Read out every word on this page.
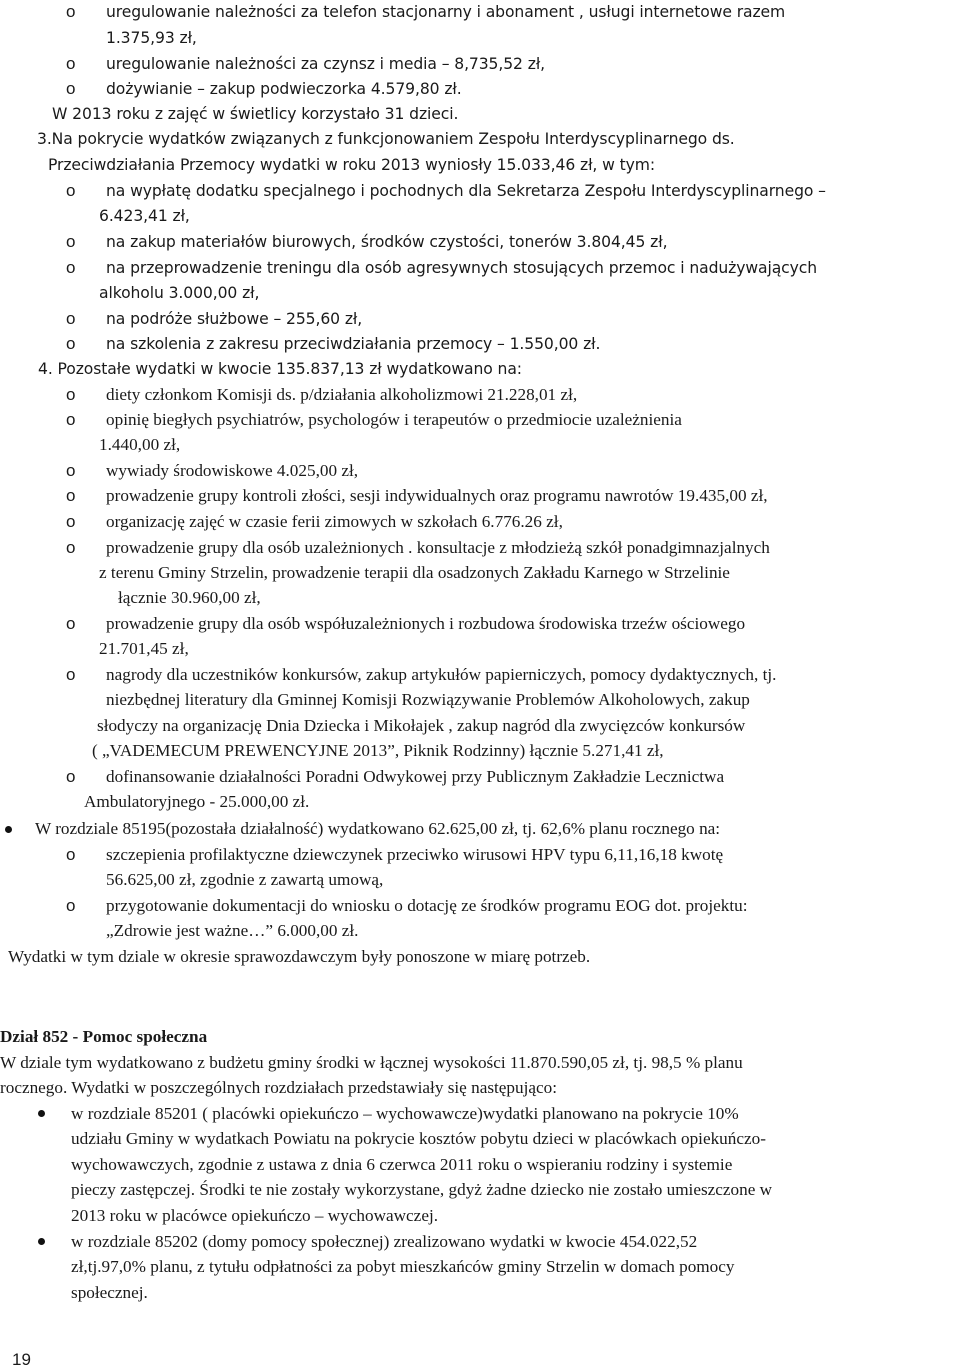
o uregulowanie należności za telefon stacjonarny i abonament , usługi internetowe razem
1.375,93 zł,
o uregulowanie należności za czynsz i media – 8,735,52 zł,
o dożywianie – zakup podwieczorka 4.579,80 zł.
W 2013 roku z zajęć w świetlicy korzystało 31 dzieci.
3.Na pokrycie wydatków związanych z funkcjonowaniem Zespołu Interdyscyplinarnego ds.
Przeciwdziałania Przemocy wydatki w roku 2013 wyniosły 15.033,46 zł, w tym:
o na wypłatę dodatku specjalnego i pochodnych dla Sekretarza Zespołu Interdyscyplinarnego –
6.423,41 zł,
o na zakup materiałów biurowych, środków czystości, tonerów 3.804,45 zł,
o na przeprowadzenie treningu dla osób agresywnych stosujących przemoc i nadużywających
alkoholu 3.000,00 zł,
o na podróże służbowe – 255,60 zł,
o na szkolenia z zakresu przeciwdziałania przemocy – 1.550,00 zł.
4. Pozostałe wydatki w kwocie 135.837,13 zł wydatkowano na:
o diety członkom Komisji ds. p/działania alkoholizmowi 21.228,01 zł,
o opinię biegłych psychiatrów, psychologów i terapeutów o przedmiocie uzależnienia
1.440,00 zł,
o wywiady środowiskowe 4.025,00 zł,
o prowadzenie grupy kontroli złości, sesji indywidualnych oraz programu nawrotów 19.435,00 zł,
o organizację zajęć w czasie ferii zimowych w szkołach 6.776.26 zł,
o prowadzenie grupy dla osób uzależnionych . konsultacje z młodzieżą szkół ponadgimnazjalnych
z terenu Gminy Strzelin, prowadzenie terapii dla osadzonych Zakładu Karnego w Strzelinie
łącznie 30.960,00 zł,
o prowadzenie grupy dla osób współuzależnionych i rozbudowa środowiska trzeźw ościowego
21.701,45 zł,
o nagrody dla uczestników konkursów, zakup artykułów papierniczych, pomocy dydaktycznych, tj.
niezbędnej literatury dla Gminnej Komisji Rozwiązywanie Problemów Alkoholowych, zakup
słodyczy na organizację Dnia Dziecka i Mikołajek , zakup nagród dla zwycięzców konkursów
( „VADEMECUM PREWENCYJNE 2013”, Piknik Rodzinny) łącznie 5.271,41 zł,
o dofinansowanie działalności Poradni Odwykowej przy Publicznym Zakładzie Lecznictwa
Ambulatoryjnego - 25.000,00 zł.
W rozdziale 85195(pozostała działalność) wydatkowano 62.625,00 zł, tj. 62,6% planu rocznego na:
o szczepienia profilaktyczne dziewczynek przeciwko wirusowi HPV typu 6,11,16,18 kwotę
56.625,00 zł, zgodnie z zawartą umową,
o przygotowanie dokumentacji do wniosku o dotację ze środków programu EOG dot. projektu:
„Zdrowie jest ważne…” 6.000,00 zł.
Wydatki w tym dziale w okresie sprawozdawczym były ponoszone w miarę potrzeb.
Dział 852 - Pomoc społeczna
W dziale tym wydatkowano z budżetu gminy środki w łącznej wysokości 11.870.590,05 zł, tj. 98,5 % planu
rocznego. Wydatki w poszczególnych rozdziałach przedstawiały się następująco:
w rozdziale 85201 ( placówki opiekuńczo – wychowawcze)wydatki planowano na pokrycie 10%
udziału Gminy w wydatkach Powiatu na pokrycie kosztów pobytu dzieci w placówkach opiekuńczo-
wychowawczych, zgodnie z ustawa z dnia 6 czerwca 2011 roku o wspieraniu rodziny i systemie
pieczy zastępczej. Środki te nie zostały wykorzystane, gdyż żadne dziecko nie zostało umieszczone w
2013 roku w placówce opiekuńczo – wychowawczej.
w rozdziale 85202 (domy pomocy społecznej) zrealizowano wydatki w kwocie 454.022,52
zł,tj.97,0% planu, z tytułu odpłatności za pobyt mieszkańców gminy Strzelin w domach pomocy
społecznej.
19
